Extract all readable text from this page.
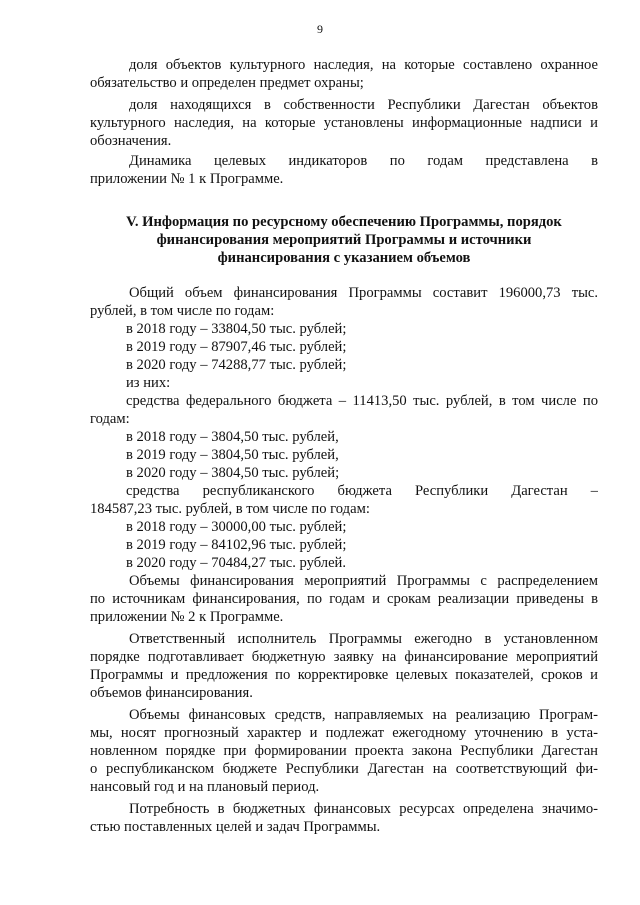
9
доля объектов культурного наследия, на которые составлено охранное
обязательство и определен предмет охраны;
доля находящихся в собственности Республики Дагестан объектов
культурного наследия, на которые установлены информационные надписи и
обозначения.
Динамика целевых индикаторов по годам представлена в
приложении № 1 к Программе.
V. Информация по ресурсному обеспечению Программы, порядок
финансирования мероприятий Программы и источники
финансирования с указанием объемов
Общий объем финансирования Программы составит 196000,73 тыс.
рублей, в том числе по годам:
в 2018 году – 33804,50 тыс. рублей;
в 2019 году – 87907,46 тыс. рублей;
в 2020 году – 74288,77 тыс. рублей;
из них:
средства федерального бюджета – 11413,50 тыс. рублей, в том числе по
годам:
в 2018 году – 3804,50 тыс. рублей,
в 2019 году – 3804,50 тыс. рублей,
в 2020 году – 3804,50 тыс. рублей;
средства республиканского бюджета Республики Дагестан –
184587,23 тыс. рублей, в том числе по годам:
в 2018 году – 30000,00 тыс. рублей;
в 2019 году – 84102,96 тыс. рублей;
в 2020 году – 70484,27 тыс. рублей.
Объемы финансирования мероприятий Программы с распределением
по источникам финансирования, по годам и срокам реализации приведены в
приложении № 2 к Программе.
Ответственный исполнитель Программы ежегодно в установленном
порядке подготавливает бюджетную заявку на финансирование мероприятий
Программы и предложения по корректировке целевых показателей, сроков и
объемов финансирования.
Объемы финансовых средств, направляемых на реализацию Програм-
мы, носят прогнозный характер и подлежат ежегодному уточнению в уста-
новленном порядке при формировании проекта закона Республики Дагестан
о республиканском бюджете Республики Дагестан на соответствующий фи-
нансовый год и на плановый период.
Потребность в бюджетных финансовых ресурсах определена значимо-
стью поставленных целей и задач Программы.
